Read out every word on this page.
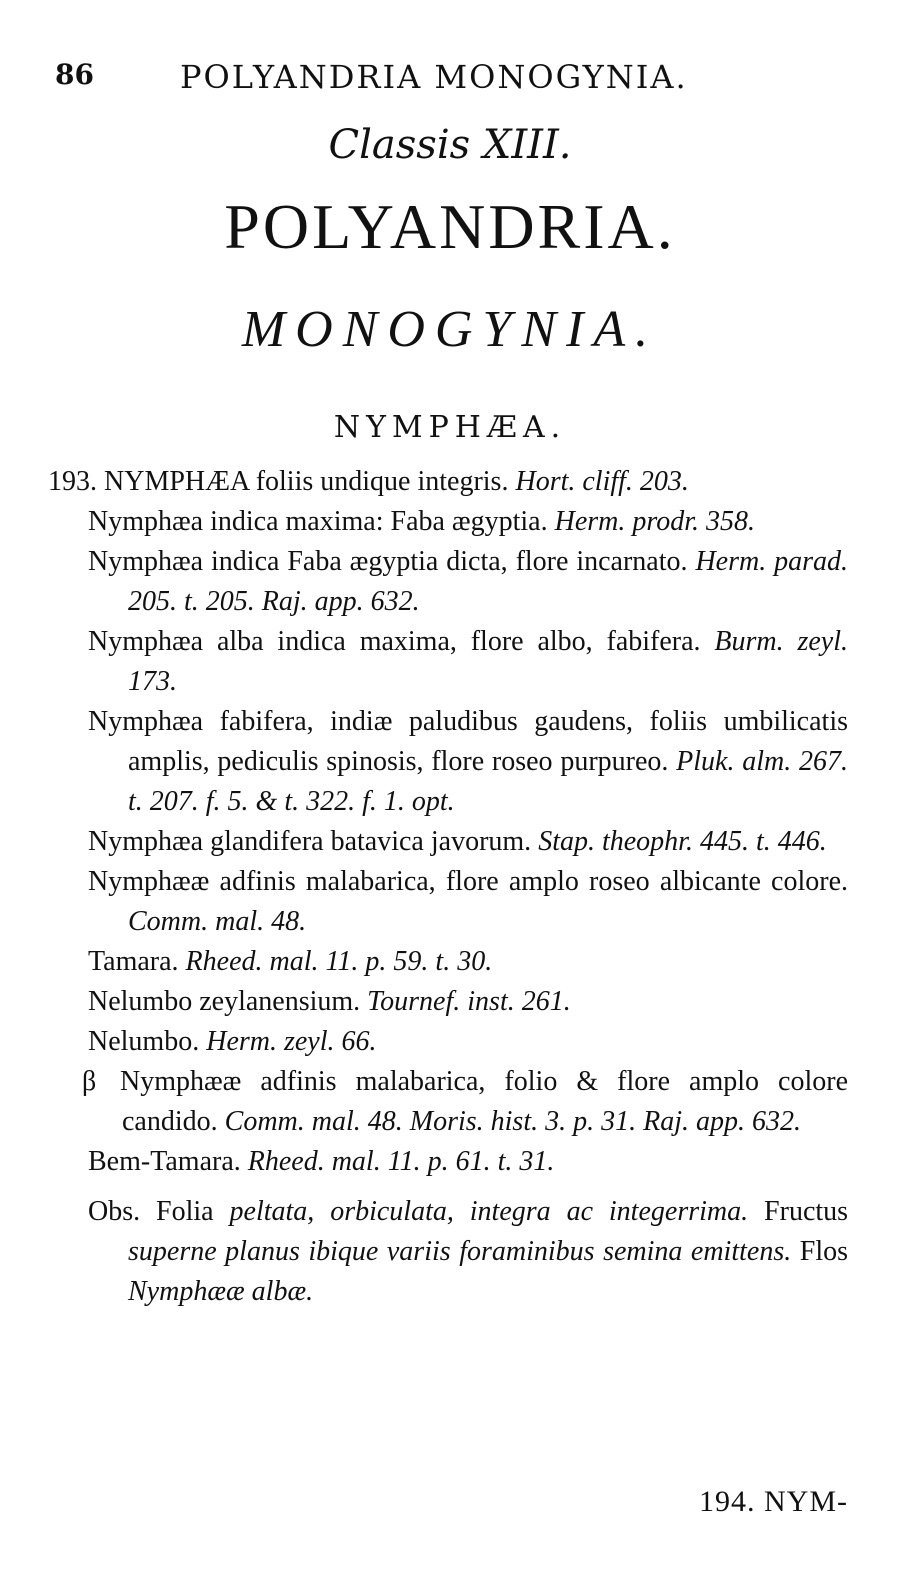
86	POLYANDRIA MONOGYNIA.
Classis XIII.
POLYANDRIA.
MONOGYNIA.
NYMPHÆA.
193. NYMPHÆA foliis undique integris. Hort. cliff. 203.
Nymphæa indica maxima: Faba ægyptia. Herm. prodr. 358.
Nymphæa indica Faba ægyptia dicta, flore incarnato. Herm. parad. 205. t. 205. Raj. app. 632.
Nymphæa alba indica maxima, flore albo, fabifera. Burm. zeyl. 173.
Nymphæa fabifera, indiæ paludibus gaudens, foliis umbilicatis amplis, pediculis spinosis, flore roseo purpureo. Pluk. alm. 267. t. 207. f. 5. & t. 322. f. 1. opt.
Nymphæa glandifera batavica javorum. Stap. theophr. 445. t. 446.
Nymphææ adfinis malabarica, flore amplo roseo albicante colore. Comm. mal. 48.
Tamara. Rheed. mal. 11. p. 59. t. 30.
Nelumbo zeylanensium. Tournef. inst. 261.
Nelumbo. Herm. zeyl. 66.
β Nymphææ adfinis malabarica, folio & flore amplo colore candido. Comm. mal. 48. Moris. hist. 3. p. 31. Raj. app. 632.
Bem-Tamara. Rheed. mal. 11. p. 61. t. 31.
Obs. Folia peltata, orbiculata, integra ac integerrima. Fructus superne planus ibique variis foraminibus semina emittens. Flos Nymphææ albæ.
194. NYM-
